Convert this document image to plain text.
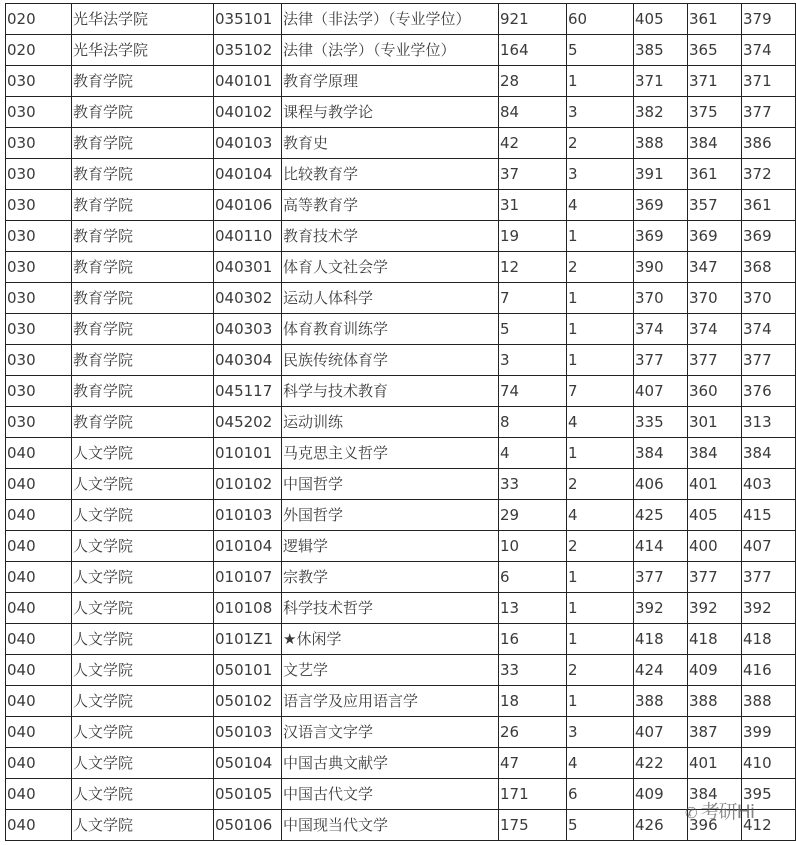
020	光华法学院	035101	法律（非法学）（专业学位）	921	60	405	361	379
020	光华法学院	035102	法律（法学）（专业学位）	164	5	385	365	374
030	教育学院	040101	教育学原理	28	1	371	371	371
030	教育学院	040102	课程与教学论	84	3	382	375	377
030	教育学院	040103	教育史	42	2	388	384	386
030	教育学院	040104	比较教育学	37	3	391	361	372
030	教育学院	040106	高等教育学	31	4	369	357	361
030	教育学院	040110	教育技术学	19	1	369	369	369
030	教育学院	040301	体育人文社会学	12	2	390	347	368
030	教育学院	040302	运动人体科学	7	1	370	370	370
030	教育学院	040303	体育教育训练学	5	1	374	374	374
030	教育学院	040304	民族传统体育学	3	1	377	377	377
030	教育学院	045117	科学与技术教育	74	7	407	360	376
030	教育学院	045202	运动训练	8	4	335	301	313
040	人文学院	010101	马克思主义哲学	4	1	384	384	384
040	人文学院	010102	中国哲学	33	2	406	401	403
040	人文学院	010103	外国哲学	29	4	425	405	415
040	人文学院	010104	逻辑学	10	2	414	400	407
040	人文学院	010107	宗教学	6	1	377	377	377
040	人文学院	010108	科学技术哲学	13	1	392	392	392
040	人文学院	0101Z1	★休闲学	16	1	418	418	418
040	人文学院	050101	文艺学	33	2	424	409	416
040	人文学院	050102	语言学及应用语言学	18	1	388	388	388
040	人文学院	050103	汉语言文字学	26	3	407	387	399
040	人文学院	050104	中国古典文献学	47	4	422	401	410
040	人文学院	050105	中国古代文学	171	6	409	384	395
040	人文学院	050106	中国现当代文学	175	5	426	396	412
✆ 考研Hi
